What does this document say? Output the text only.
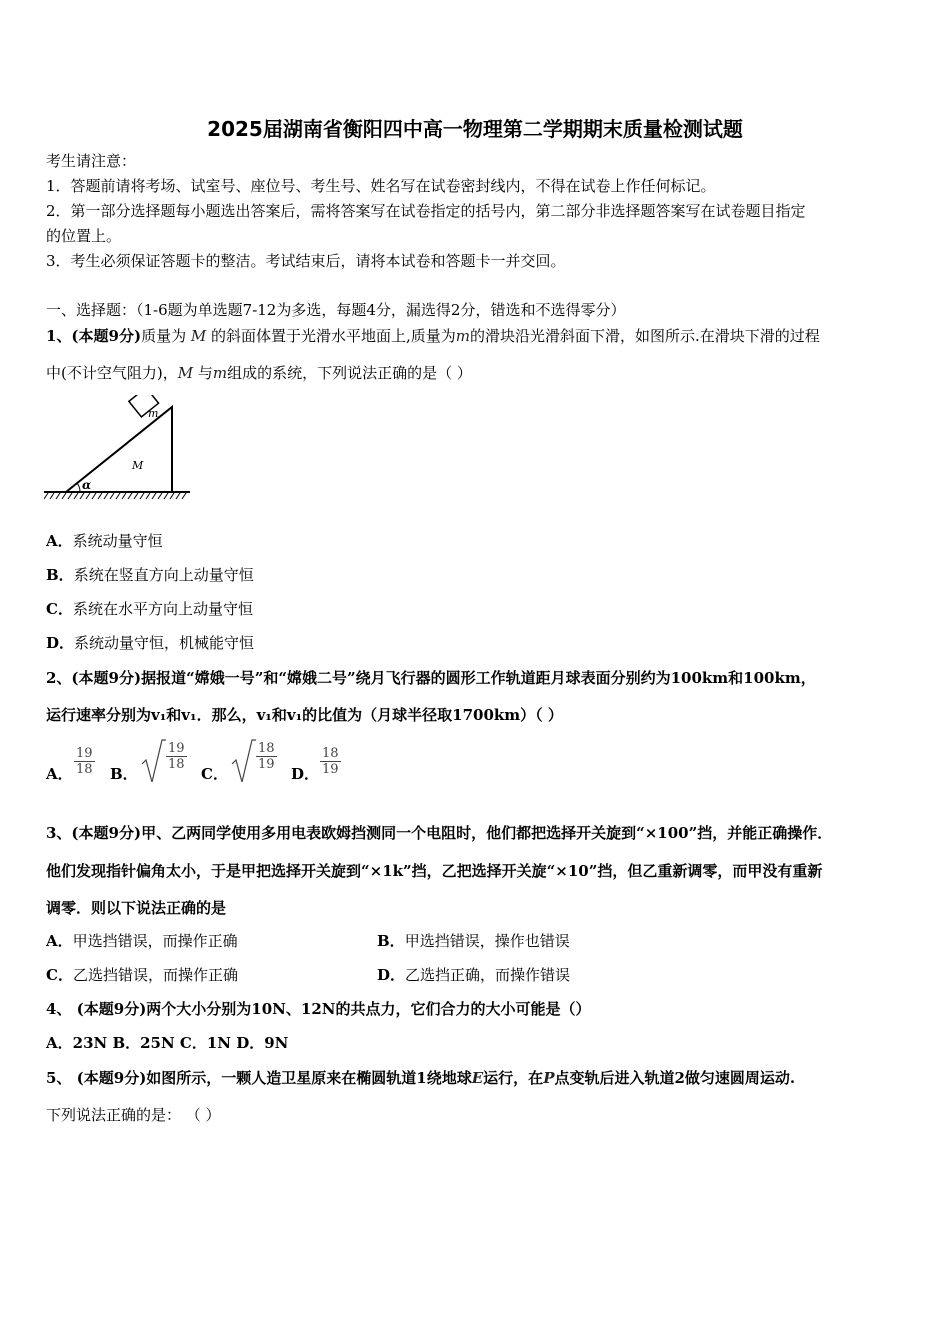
2025届湖南省衡阳四中高一物理第二学期期末质量检测试题
考生请注意：
1．答题前请将考场、试室号、座位号、考生号、姓名写在试卷密封线内，不得在试卷上作任何标记。
2．第一部分选择题每小题选出答案后，需将答案写在试卷指定的括号内，第二部分非选择题答案写在试卷题目指定
的位置上。
3．考生必须保证答题卡的整洁。考试结束后，请将本试卷和答题卡一并交回。
一、选择题：（1-6题为单选题7-12为多选，每题4分，漏选得2分，错选和不选得零分）
1、(本题9分)质量为 M 的斜面体置于光滑水平地面上,质量为m的滑块沿光滑斜面下滑，如图所示.在滑块下滑的过程
中(不计空气阻力)，M 与m组成的系统，下列说法正确的是（ ）
m
M
α
A．系统动量守恒
B．系统在竖直方向上动量守恒
C．系统在水平方向上动量守恒
D．系统动量守恒，机械能守恒
2、(本题9分)据报道“嫦娥一号”和“嫦娥二号”绕月飞行器的圆形工作轨道距月球表面分别约为100km和100km，
运行速率分别为v₁和v₁．那么，v₁和v₁的比值为（月球半径取1700km）（ ）
A． $\frac{19}{18}$ B．
$\frac{19}{18}$
C．
$\frac{18}{19}$
D． $\frac{18}{19}$
3、(本题9分)甲、乙两同学使用多用电表欧姆挡测同一个电阻时，他们都把选择开关旋到“×100”挡，并能正确操作．
他们发现指针偏角太小，于是甲把选择开关旋到“×1k”挡，乙把选择开关旋“×10”挡，但乙重新调零，而甲没有重新
调零．则以下说法正确的是
A．甲选挡错误，而操作正确	B．甲选挡错误，操作也错误
C．乙选挡错误，而操作正确	D．乙选挡正确，而操作错误
4、 (本题9分)两个大小分别为10N、12N的共点力，它们合力的大小可能是（）
A．23N B．25N C．1N D．9N
5、 (本题9分)如图所示，一颗人造卫星原来在椭圆轨道1绕地球E运行，在P点变轨后进入轨道2做匀速圆周运动.
下列说法正确的是： （ ）
